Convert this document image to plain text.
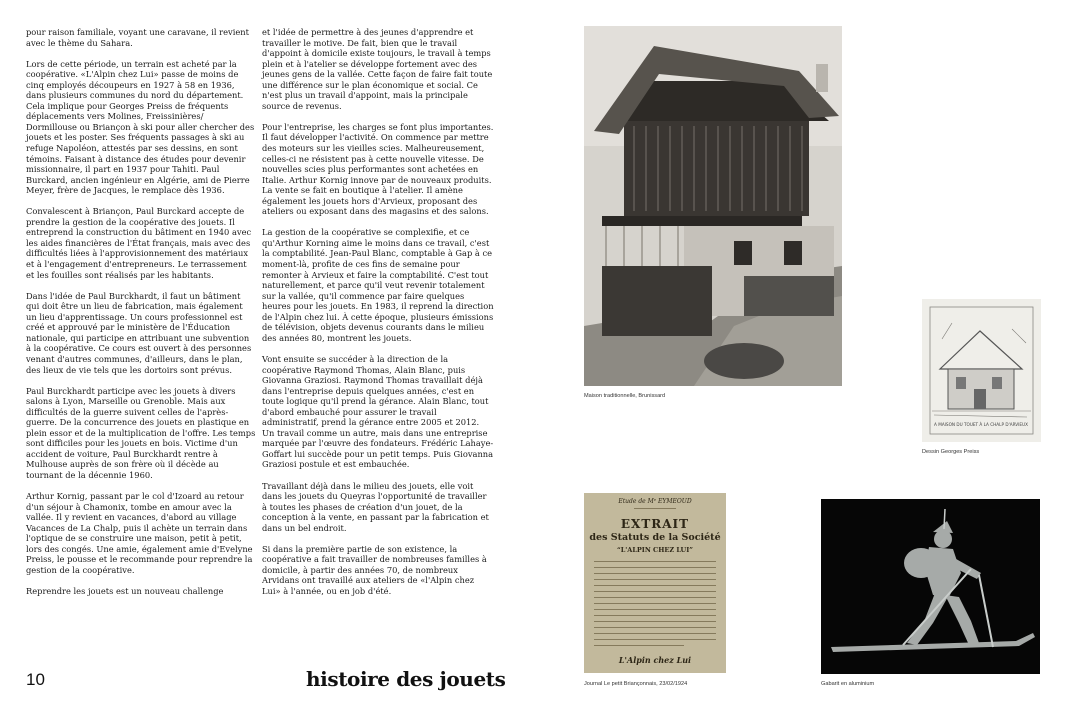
pour raison familiale, voyant une caravane, il revient avec le thème du Sahara.

Lors de cette période, un terrain est acheté par la coopérative. «L'Alpin chez Lui» passe de moins de cinq employés découpeurs en 1927 à 58 en 1936, dans plusieurs communes du nord du département. Cela implique pour Georges Preiss de fréquents déplacements vers Molines, Freissinières/ Dormillouse ou Briançon à ski pour aller chercher des jouets et les poster. Ses fréquents passages à ski au refuge Napoléon, attestés par ses dessins, en sont témoins. Faisant à distance des études pour devenir missionnaire, il part en 1937 pour Tahiti. Paul Burckard, ancien ingénieur en Algérie, ami de Pierre Meyer, frère de Jacques, le remplace dès 1936.

Convalescent à Briançon, Paul Burckard accepte de prendre la gestion de la coopérative des jouets. Il entreprend la construction du bâtiment en 1940 avec les aides financières de l'État français, mais avec des difficultés liées à l'approvisionnement des matériaux et à l'engagement d'entrepreneurs. Le terrassement et les fouilles sont réalisés par les habitants.

Dans l'idée de Paul Burckhardt, il faut un bâtiment qui doit être un lieu de fabrication, mais également un lieu d'apprentissage. Un cours professionnel est créé et approuvé par le ministère de l'Éducation nationale, qui participe en attribuant une subvention à la coopérative. Ce cours est ouvert à des personnes venant d'autres communes, d'ailleurs, dans le plan, des lieux de vie tels que les dortoirs sont prévus.

Paul Burckhardt participe avec les jouets à divers salons à Lyon, Marseille ou Grenoble. Mais aux difficultés de la guerre suivent celles de l'après-guerre. De la concurrence des jouets en plastique en plein essor et de la multiplication de l'offre. Les temps sont difficiles pour les jouets en bois. Victime d'un accident de voiture, Paul Burckhardt rentre à Mulhouse auprès de son frère où il décède au tournant de la décennie 1960.

Arthur Kornig, passant par le col d'Izoard au retour d'un séjour à Chamonix, tombe en amour avec la vallée. Il y revient en vacances, d'abord au village Vacances de La Chalp, puis il achète un terrain dans l'optique de se construire une maison, petit à petit, lors des congés. Une amie, également amie d'Evelyne Preiss, le pousse et le recommande pour reprendre la gestion de la coopérative.

Reprendre les jouets est un nouveau challenge

et l'idée de permettre à des jeunes d'apprendre et travailler le motive. De fait, bien que le travail d'appoint à domicile existe toujours, le travail à temps plein et à l'atelier se développe fortement avec des jeunes gens de la vallée. Cette façon de faire fait toute une différence sur le plan économique et social. Ce n'est plus un travail d'appoint, mais la principale source de revenus.

Pour l'entreprise, les charges se font plus importantes. Il faut développer l'activité. On commence par mettre des moteurs sur les vieilles scies. Malheureusement, celles-ci ne résistent pas à cette nouvelle vitesse. De nouvelles scies plus performantes sont achetées en Italie. Arthur Kornig innove par de nouveaux produits. La vente se fait en boutique à l'atelier. Il amène également les jouets hors d'Arvieux, proposant des ateliers ou exposant dans des magasins et des salons.

La gestion de la coopérative se complexifie, et ce qu'Arthur Korning aime le moins dans ce travail, c'est la comptabilité. Jean-Paul Blanc, comptable à Gap à ce moment-là, profite de ces fins de semaine pour remonter à Arvieux et faire la comptabilité. C'est tout naturellement, et parce qu'il veut revenir totalement sur la vallée, qu'il commence par faire quelques heures pour les jouets. En 1983, il reprend la direction de l'Alpin chez lui. À cette époque, plusieurs émissions de télévision, objets devenus courants dans le milieu des années 80, montrent les jouets.

Vont ensuite se succéder à la direction de la coopérative Raymond Thomas, Alain Blanc, puis Giovanna Graziosi. Raymond Thomas travaillait déjà dans l'entreprise depuis quelques années, c'est en toute logique qu'il prend la gérance. Alain Blanc, tout d'abord embauché pour assurer le travail administratif, prend la gérance entre 2005 et 2012. Un travail comme un autre, mais dans une entreprise marquée par l'œuvre des fondateurs. Frédéric Lahaye-Goffart lui succède pour un petit temps. Puis Giovanna Graziosi postule et est embauchée.

Travaillant déjà dans le milieu des jouets, elle voit dans les jouets du Queyras l'opportunité de travailler à toutes les phases de création d'un jouet, de la conception à la vente, en passant par la fabrication et dans un bel endroit.

Si dans la première partie de son existence, la coopérative a fait travailler de nombreuses familles à domicile, à partir des années 70, de nombreux Arvidans ont travaillé aux ateliers de «l'Alpin chez Lui» à l'année, ou en job d'été.

10	histoire des jouets
Maison traditionnelle, Brunissard
A MAISON DU TOUET À LA CHALP D'ARVIEUX
Dessin Georges Preiss
Etude de Mᵉ EYMEOUD
EXTRAIT
des Statuts de la Société
“L'ALPIN CHEZ LUI”
L'Alpin chez Lui
Journal Le petit Briançonnais, 23/02/1924	Gabarit en aluminium
